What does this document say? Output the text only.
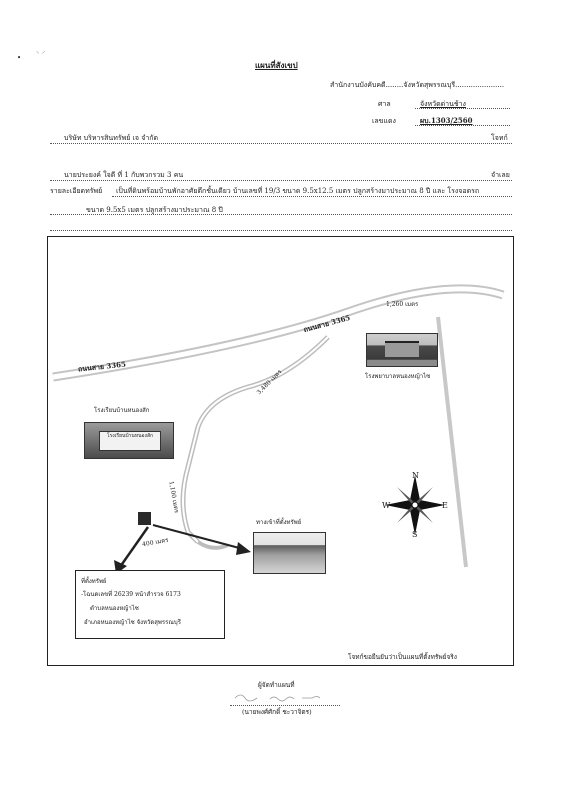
• ⸌ ⸍
แผนที่สังเขป
สำนักงานบังคับคดี........จังหวัดสุพรรณบุรี......................
ศาล	จังหวัดด่านช้าง
เลขแดง	ผบ.1303/2560
บริษัท บริหารสินทรัพย์ เจ จำกัด	โจทก์
นายประยงค์ ใจดี ที่ 1 กับพวกรวม 3 คน	จำเลย
รายละเอียดทรัพย์ เป็นที่ดินพร้อมบ้านพักอาศัยตึกชั้นเดียว บ้านเลขที่ 19/3 ขนาด 9.5x12.5 เมตร ปลูกสร้างมาประมาณ 8 ปี และ โรงจอดรถ
ขนาด 9.5x5 เมตร ปลูกสร้างมาประมาณ 8 ปี
ถนนสาย 3365
ถนนสาย 3365
1,260 เมตร
3,480 เมตร
1,100 เมตร
400 เมตร
โรงพยาบาลหนองหญ้าไซ
โรงเรียนบ้านหนองสัก
โรงเรียนบ้านหนองสัก
ทางเข้าที่ตั้งทรัพย์
N
S
W	E
โจทก์ขอยืนยันว่าเป็นแผนที่ตั้งทรัพย์จริง
ที่ตั้งทรัพย์
-โฉนดเลขที่ 26239 หน้าสำรวจ 6173
ตำบลหนองหญ้าไซ
อำเภอหนองหญ้าไซ จังหวัดสุพรรณบุรี
ผู้จัดทำแผนที่
(นายพงศ์ศักดิ์ ชะวาจิตร)
